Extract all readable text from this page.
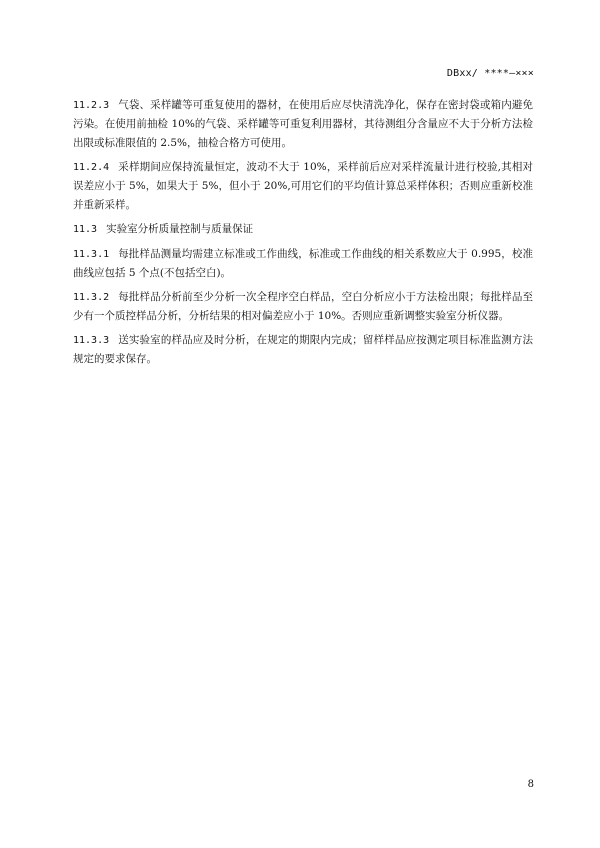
DBxx/ ****—×××

11.2.3 气袋、采样罐等可重复使用的器材，在使用后应尽快清洗净化，保存在密封袋或箱内避免污染。在使用前抽检 10%的气袋、采样罐等可重复利用器材，其待测组分含量应不大于分析方法检出限或标准限值的 2.5%，抽检合格方可使用。

11.2.4 采样期间应保持流量恒定，波动不大于 10%，采样前后应对采样流量计进行校验,其相对误差应小于 5%，如果大于 5%，但小于 20%,可用它们的平均值计算总采样体积；否则应重新校准并重新采样。

11.3 实验室分析质量控制与质量保证

11.3.1 每批样品测量均需建立标准或工作曲线，标准或工作曲线的相关系数应大于 0.995，校准曲线应包括 5 个点(不包括空白)。

11.3.2 每批样品分析前至少分析一次全程序空白样品，空白分析应小于方法检出限；每批样品至少有一个质控样品分析，分析结果的相对偏差应小于 10%。否则应重新调整实验室分析仪器。

11.3.3 送实验室的样品应及时分析，在规定的期限内完成；留样样品应按测定项目标准监测方法规定的要求保存。

8
